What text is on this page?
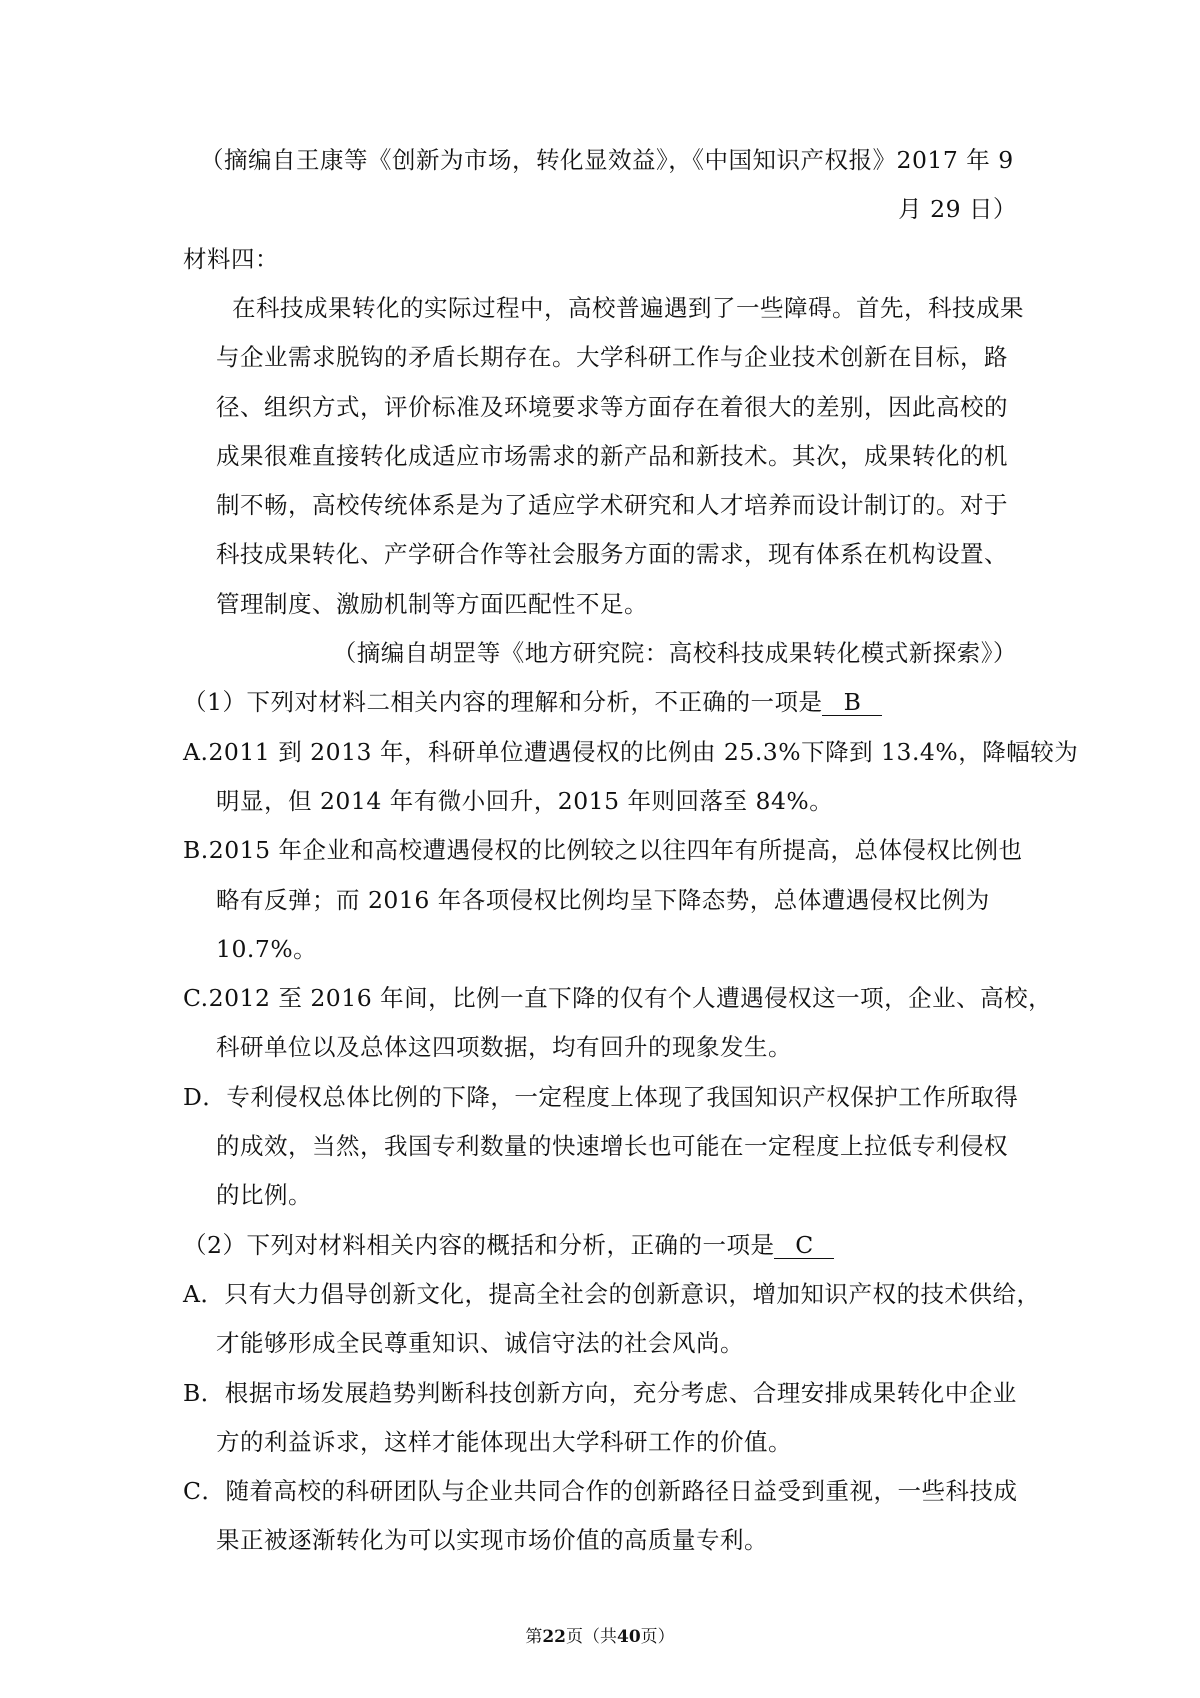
（摘编自王康等《创新为市场，转化显效益》，《中国知识产权报》2017 年 9
月 29 日）
材料四：
在科技成果转化的实际过程中，高校普遍遇到了一些障碍。首先，科技成果
与企业需求脱钩的矛盾长期存在。大学科研工作与企业技术创新在目标，路
径、组织方式，评价标准及环境要求等方面存在着很大的差别，因此高校的
成果很难直接转化成适应市场需求的新产品和新技术。其次，成果转化的机
制不畅，高校传统体系是为了适应学术研究和人才培养而设计制订的。对于
科技成果转化、产学研合作等社会服务方面的需求，现有体系在机构设置、
管理制度、激励机制等方面匹配性不足。
（摘编自胡罡等《地方研究院：高校科技成果转化模式新探索》）
（1）下列对材料二相关内容的理解和分析，不正确的一项是 B
A.2011 到 2013 年，科研单位遭遇侵权的比例由 25.3%下降到 13.4%，降幅较为
明显，但 2014 年有微小回升，2015 年则回落至 84%。
B.2015 年企业和高校遭遇侵权的比例较之以往四年有所提高，总体侵权比例也
略有反弹；而 2016 年各项侵权比例均呈下降态势，总体遭遇侵权比例为
10.7%。
C.2012 至 2016 年间，比例一直下降的仅有个人遭遇侵权这一项，企业、高校，
科研单位以及总体这四项数据，均有回升的现象发生。
D．专利侵权总体比例的下降，一定程度上体现了我国知识产权保护工作所取得
的成效，当然，我国专利数量的快速增长也可能在一定程度上拉低专利侵权
的比例。
（2）下列对材料相关内容的概括和分析，正确的一项是 C
A．只有大力倡导创新文化，提高全社会的创新意识，增加知识产权的技术供给，
才能够形成全民尊重知识、诚信守法的社会风尚。
B．根据市场发展趋势判断科技创新方向，充分考虑、合理安排成果转化中企业
方的利益诉求，这样才能体现出大学科研工作的价值。
C．随着高校的科研团队与企业共同合作的创新路径日益受到重视，一些科技成
第22页（共40页）
果正被逐渐转化为可以实现市场价值的高质量专利。
